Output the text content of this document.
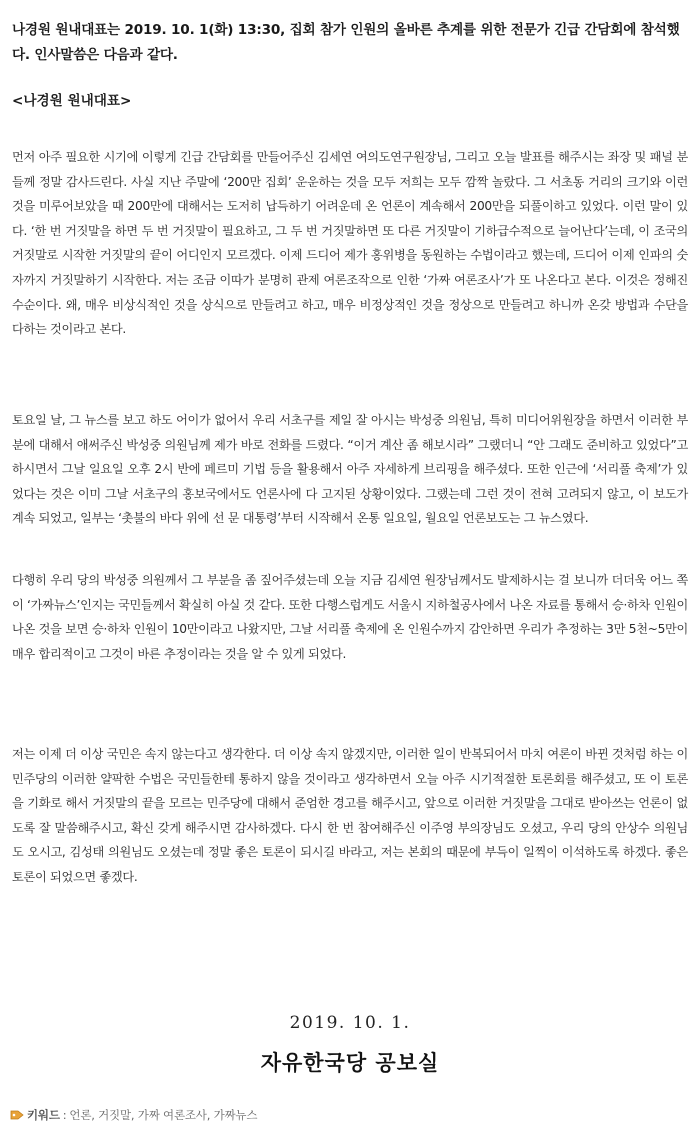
나경원 원내대표는 2019. 10. 1(화) 13:30, 집회 참가 인원의 올바른 추계를 위한 전문가 긴급 간담회에 참석했다. 인사말씀은 다음과 같다.

<나경원 원내대표>

먼저 아주 필요한 시기에 이렇게 긴급 간담회를 만들어주신 김세연 여의도연구원장님, 그리고 오늘 발표를 해주시는 좌장 및 패널 분들께 정말 감사드린다. 사실 지난 주말에 ‘200만 집회’ 운운하는 것을 모두 저희는 모두 깜짝 놀랐다. 그 서초동 거리의 크기와 이런 것을 미루어보았을 때 200만에 대해서는 도저히 납득하기 어려운데 온 언론이 계속해서 200만을 되풀이하고 있었다. 이런 말이 있다. ‘한 번 거짓말을 하면 두 번 거짓말이 필요하고, 그 두 번 거짓말하면 또 다른 거짓말이 기하급수적으로 늘어난다’는데, 이 조국의 거짓말로 시작한 거짓말의 끝이 어디인지 모르겠다. 이제 드디어 제가 홍위병을 동원하는 수법이라고 했는데, 드디어 이제 인파의 숫자까지 거짓말하기 시작한다. 저는 조금 이따가 분명히 관제 여론조작으로 인한 ‘가짜 여론조사’가 또 나온다고 본다. 이것은 정해진 수순이다. 왜, 매우 비상식적인 것을 상식으로 만들려고 하고, 매우 비정상적인 것을 정상으로 만들려고 하니까 온갖 방법과 수단을 다하는 것이라고 본다.

토요일 날, 그 뉴스를 보고 하도 어이가 없어서 우리 서초구를 제일 잘 아시는 박성중 의원님, 특히 미디어위원장을 하면서 이러한 부분에 대해서 애써주신 박성중 의원님께 제가 바로 전화를 드렸다. “이거 계산 좀 해보시라” 그랬더니 “안 그래도 준비하고 있었다”고 하시면서 그날 일요일 오후 2시 반에 페르미 기법 등을 활용해서 아주 자세하게 브리핑을 해주셨다. 또한 인근에 ‘서리풀 축제’가 있었다는 것은 이미 그날 서초구의 홍보국에서도 언론사에 다 고지된 상황이었다. 그랬는데 그런 것이 전혀 고려되지 않고, 이 보도가 계속 되었고, 일부는 ‘촛불의 바다 위에 선 문 대통령’부터 시작해서 온통 일요일, 월요일 언론보도는 그 뉴스였다.

다행히 우리 당의 박성중 의원께서 그 부분을 좀 짚어주셨는데 오늘 지금 김세연 원장님께서도 발제하시는 걸 보니까 더더욱 어느 쪽이 ‘가짜뉴스’인지는 국민들께서 확실히 아실 것 같다. 또한 다행스럽게도 서울시 지하철공사에서 나온 자료를 통해서 승·하차 인원이 나온 것을 보면 승·하차 인원이 10만이라고 나왔지만, 그날 서리풀 축제에 온 인원수까지 감안하면 우리가 추정하는 3만 5천~5만이 매우 합리적이고 그것이 바른 추정이라는 것을 알 수 있게 되었다.

저는 이제 더 이상 국민은 속지 않는다고 생각한다. 더 이상 속지 않겠지만, 이러한 일이 반복되어서 마치 여론이 바뀐 것처럼 하는 이 민주당의 이러한 얄팍한 수법은 국민들한테 통하지 않을 것이라고 생각하면서 오늘 아주 시기적절한 토론회를 해주셨고, 또 이 토론을 기화로 해서 거짓말의 끝을 모르는 민주당에 대해서 준엄한 경고를 해주시고, 앞으로 이러한 거짓말을 그대로 받아쓰는 언론이 없도록 잘 말씀해주시고, 확신 갖게 해주시면 감사하겠다. 다시 한 번 참여해주신 이주영 부의장님도 오셨고, 우리 당의 안상수 의원님도 오시고, 김성태 의원님도 오셨는데 정말 좋은 토론이 되시길 바라고, 저는 본회의 때문에 부득이 일찍이 이석하도록 하겠다. 좋은 토론이 되었으면 좋겠다.

2019. 10. 1.
자유한국당 공보실
키워드 : 언론, 거짓말, 가짜 여론조사, 가짜뉴스
